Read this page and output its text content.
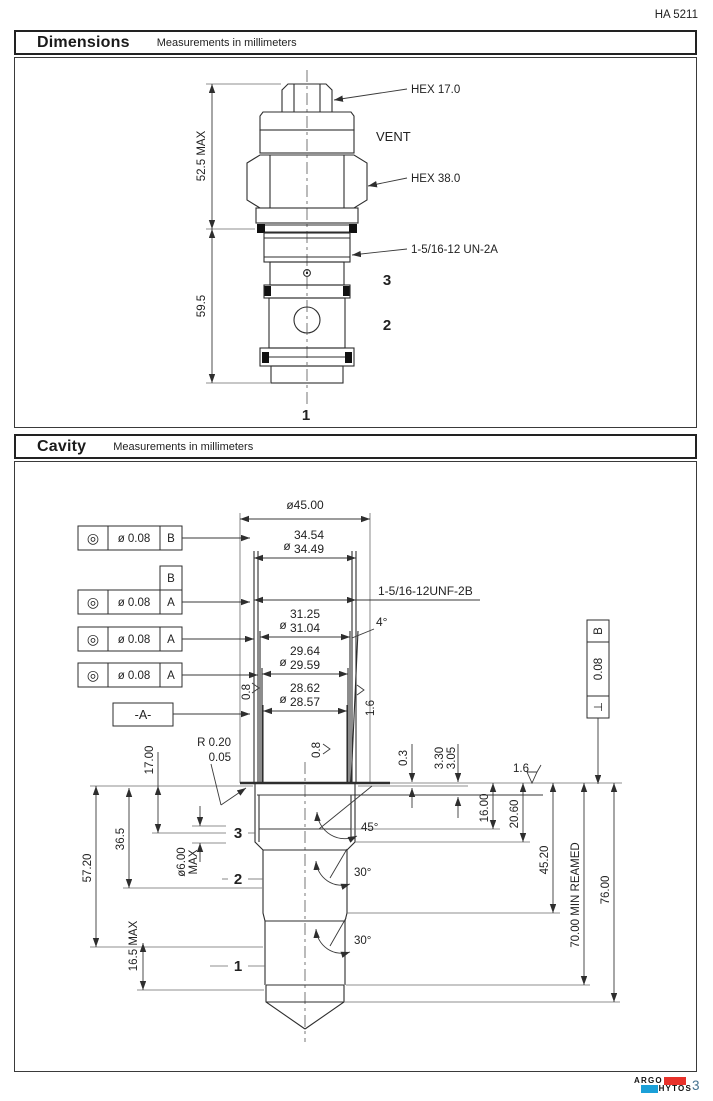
HA 5211
Dimensions Measurements in millimeters
52.5 MAX
59.5
HEX 17.0
VENT
HEX 38.0
1-5/16-12 UN-2A
3
2
1
Cavity Measurements in millimeters
ø45.00
34.54
34.49
ø
1-5/16-12UNF-2B
31.25
31.04
ø	4°
29.64
29.59
ø
28.62
28.57
ø
◎ ø 0.08 B
B
◎ ø 0.08 A
◎ ø 0.08 A
◎ ø 0.08 A
-A-
B
0.08
⊥
16.00 20.60
45.20 70.00 MIN REAMED 76.00
57.20
36.5
17.00
ø6.00 MAX
16.5 MAX
0.3 3.30 3.05	1.6
0.8
0.8
1.6
R 0.20
0.05
45°
30°
30°
3
2
1
ARGO
HYTOS 3
